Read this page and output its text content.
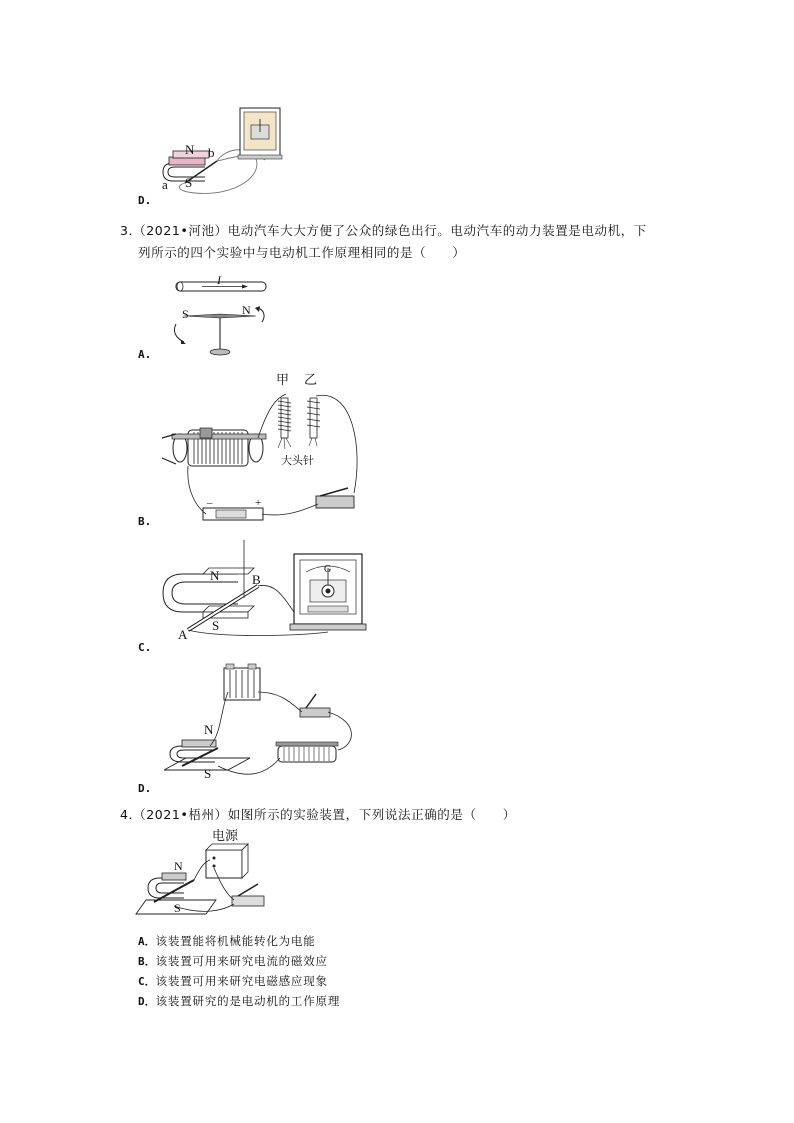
N b
S
a
D.
3.（2021•河池）电动汽车大大方便了公众的绿色出行。电动汽车的动力装置是电动机，下
列所示的四个实验中与电动机工作原理相同的是（　　）
I
S	N
A.
甲 乙
大头针
–	+
B.
N
S
A
B
G
C.
N
S
D.
4.（2021•梧州）如图所示的实验装置，下列说法正确的是（　　）
电源
N
S
A．该装置能将机械能转化为电能
B．该装置可用来研究电流的磁效应
C．该装置可用来研究电磁感应现象
D．该装置研究的是电动机的工作原理
